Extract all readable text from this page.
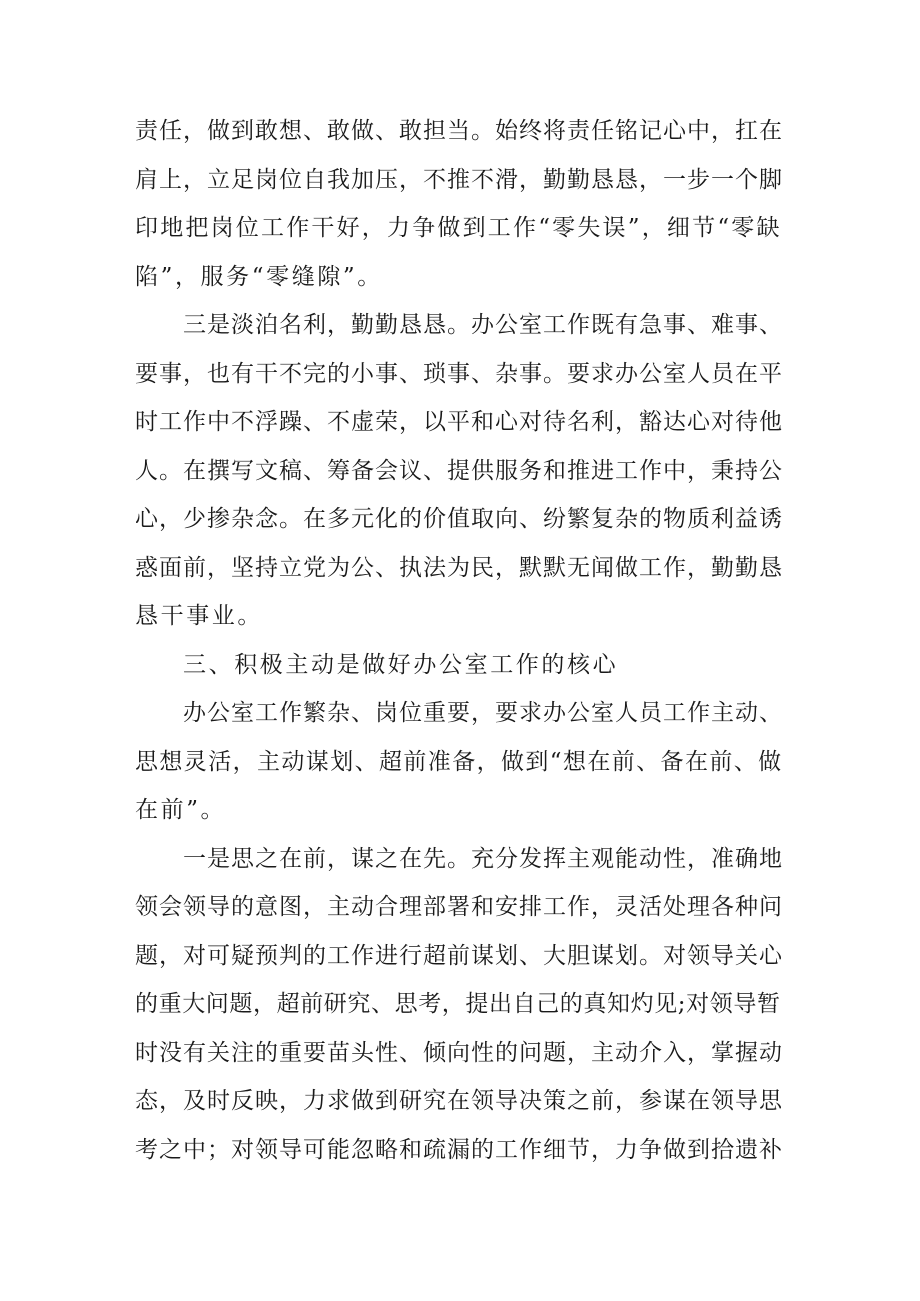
责任，做到敢想、敢做、敢担当。始终将责任铭记心中，扛在
肩上，立足岗位自我加压，不推不滑，勤勤恳恳，一步一个脚
印地把岗位工作干好，力争做到工作“零失误”，细节“零缺
陷”，服务“零缝隙”。
三是淡泊名利，勤勤恳恳。办公室工作既有急事、难事、
要事，也有干不完的小事、琐事、杂事。要求办公室人员在平
时工作中不浮躁、不虚荣，以平和心对待名利，豁达心对待他
人。在撰写文稿、筹备会议、提供服务和推进工作中，秉持公
心，少掺杂念。在多元化的价值取向、纷繁复杂的物质利益诱
惑面前，坚持立党为公、执法为民，默默无闻做工作，勤勤恳
恳干事业。
三、积极主动是做好办公室工作的核心
办公室工作繁杂、岗位重要，要求办公室人员工作主动、
思想灵活，主动谋划、超前准备，做到“想在前、备在前、做
在前”。
一是思之在前，谋之在先。充分发挥主观能动性，准确地
领会领导的意图，主动合理部署和安排工作，灵活处理各种问
题，对可疑预判的工作进行超前谋划、大胆谋划。对领导关心
的重大问题，超前研究、思考，提出自己的真知灼见;对领导暂
时没有关注的重要苗头性、倾向性的问题，主动介入，掌握动
态，及时反映，力求做到研究在领导决策之前，参谋在领导思
考之中；对领导可能忽略和疏漏的工作细节，力争做到拾遗补
